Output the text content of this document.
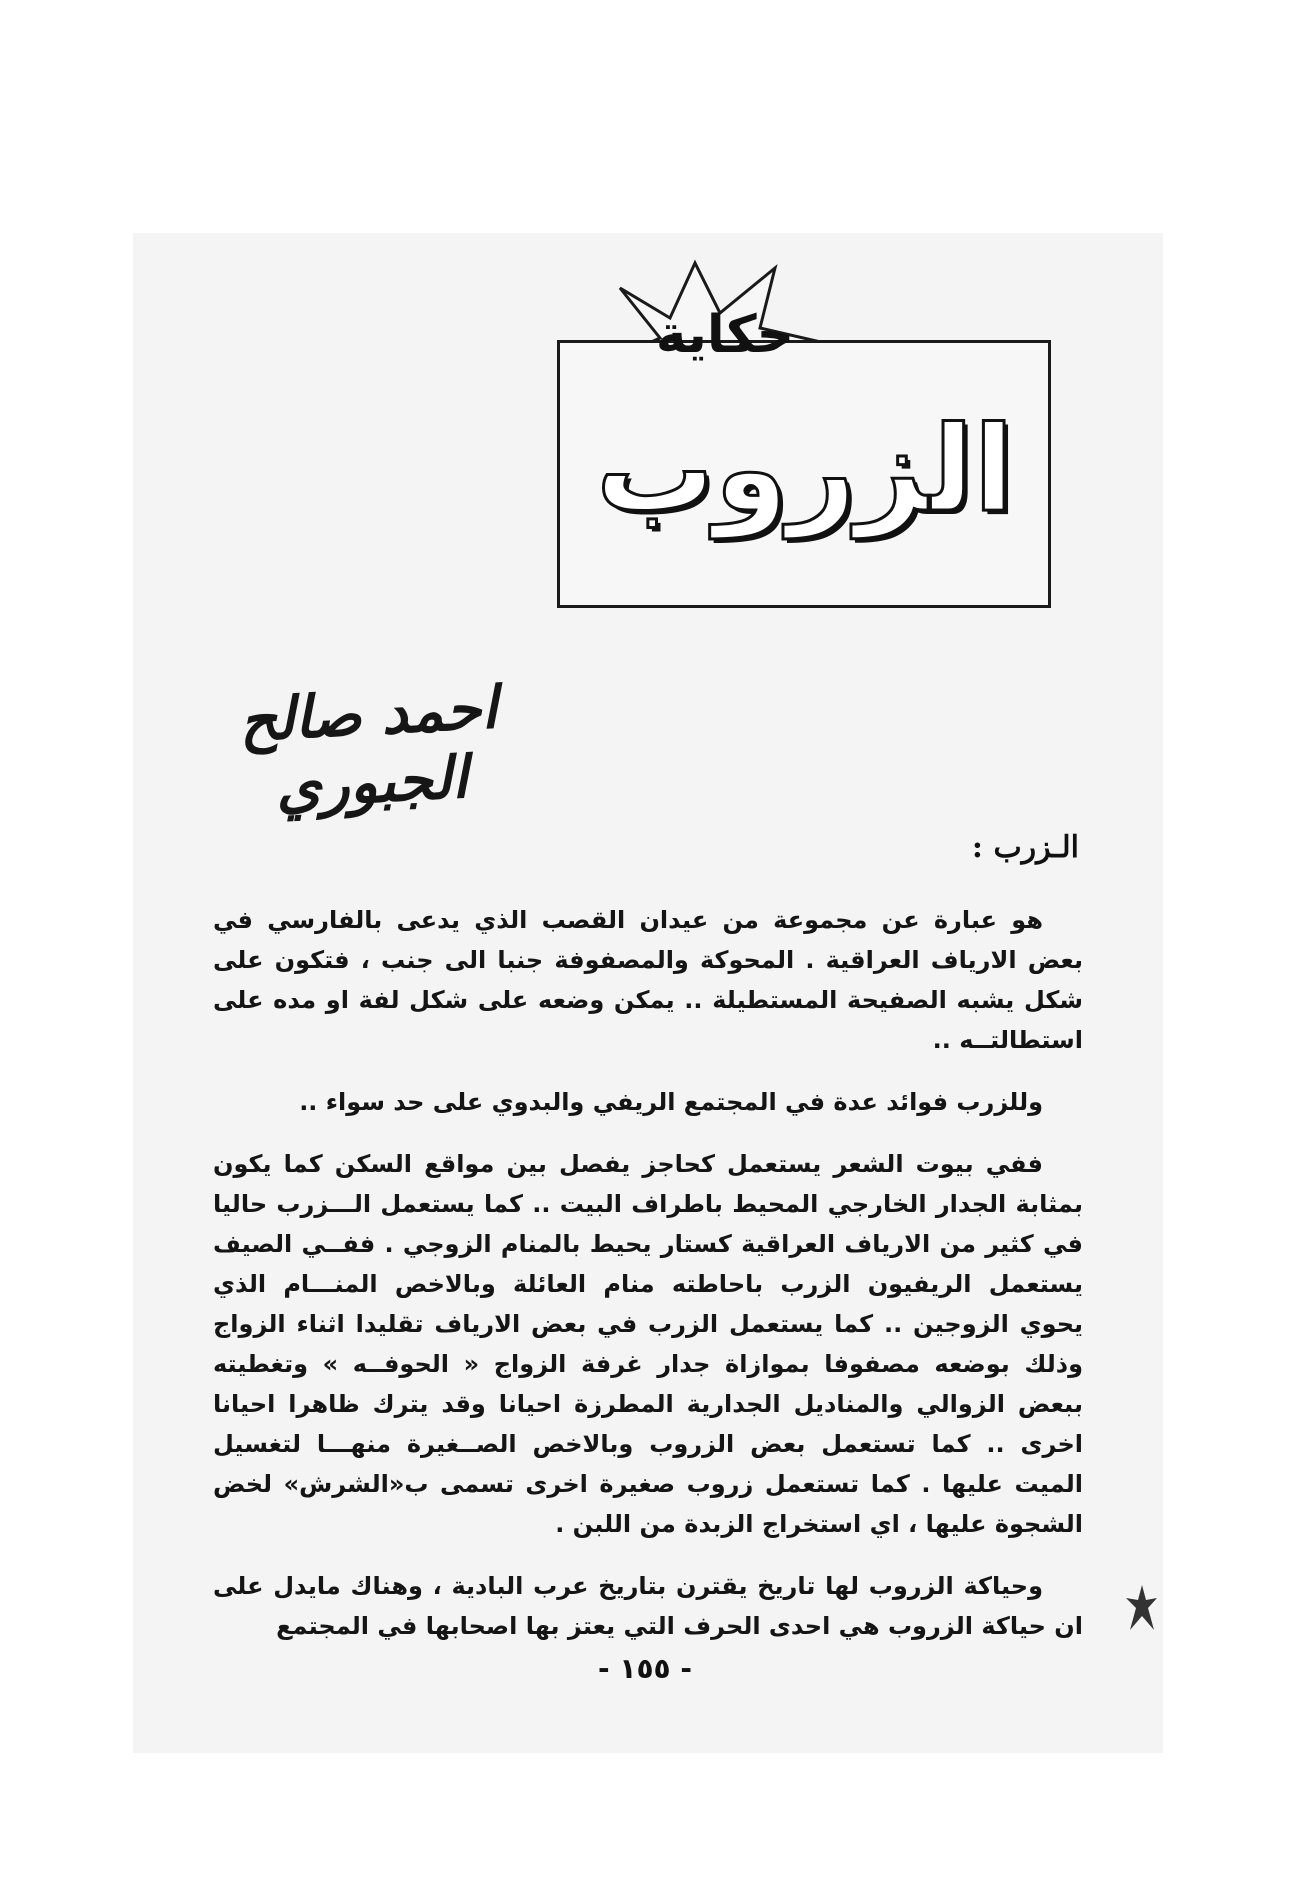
حكاية
الزروب
احمد صالح الجبوري
الـزرب :

هو عبارة عن مجموعة من عيدان القصب الذي يدعى بالفارسي في بعض الارياف العراقية . المحوكة والمصفوفة جنبا الى جنب ، فتكون على شكل يشبه الصفيحة المستطيلة .. يمكن وضعه على شكل لفة او مده على استطالتــه ..

وللزرب فوائد عدة في المجتمع الريفي والبدوي على حد سواء ..

ففي بيوت الشعر يستعمل كحاجز يفصل بين مواقع السكن كما يكون بمثابة الجدار الخارجي المحيط باطراف البيت .. كما يستعمل الـــزرب حاليا في كثير من الارياف العراقية كستار يحيط بالمنام الزوجي . ففــي الصيف يستعمل الريفيون الزرب باحاطته منام العائلة وبالاخص المنـــام الذي يحوي الزوجين .. كما يستعمل الزرب في بعض الارياف تقليدا اثناء الزواج وذلك بوضعه مصفوفا بموازاة جدار غرفة الزواج « الحوفــه » وتغطيته ببعض الزوالي والمناديل الجدارية المطرزة احيانا وقد يترك ظاهرا احيانا اخرى .. كما تستعمل بعض الزروب وبالاخص الصــغيرة منهـــا لتغسيل الميت عليها . كما تستعمل زروب صغيرة اخرى تسمى ب«الشرش» لخض الشجوة عليها ، اي استخراج الزبدة من اللبن .

وحياكة الزروب لها تاريخ يقترن بتاريخ عرب البادية ، وهناك مايدل على ان حياكة الزروب هي احدى الحرف التي يعتز بها اصحابها في المجتمع

- ١٥٥ -
